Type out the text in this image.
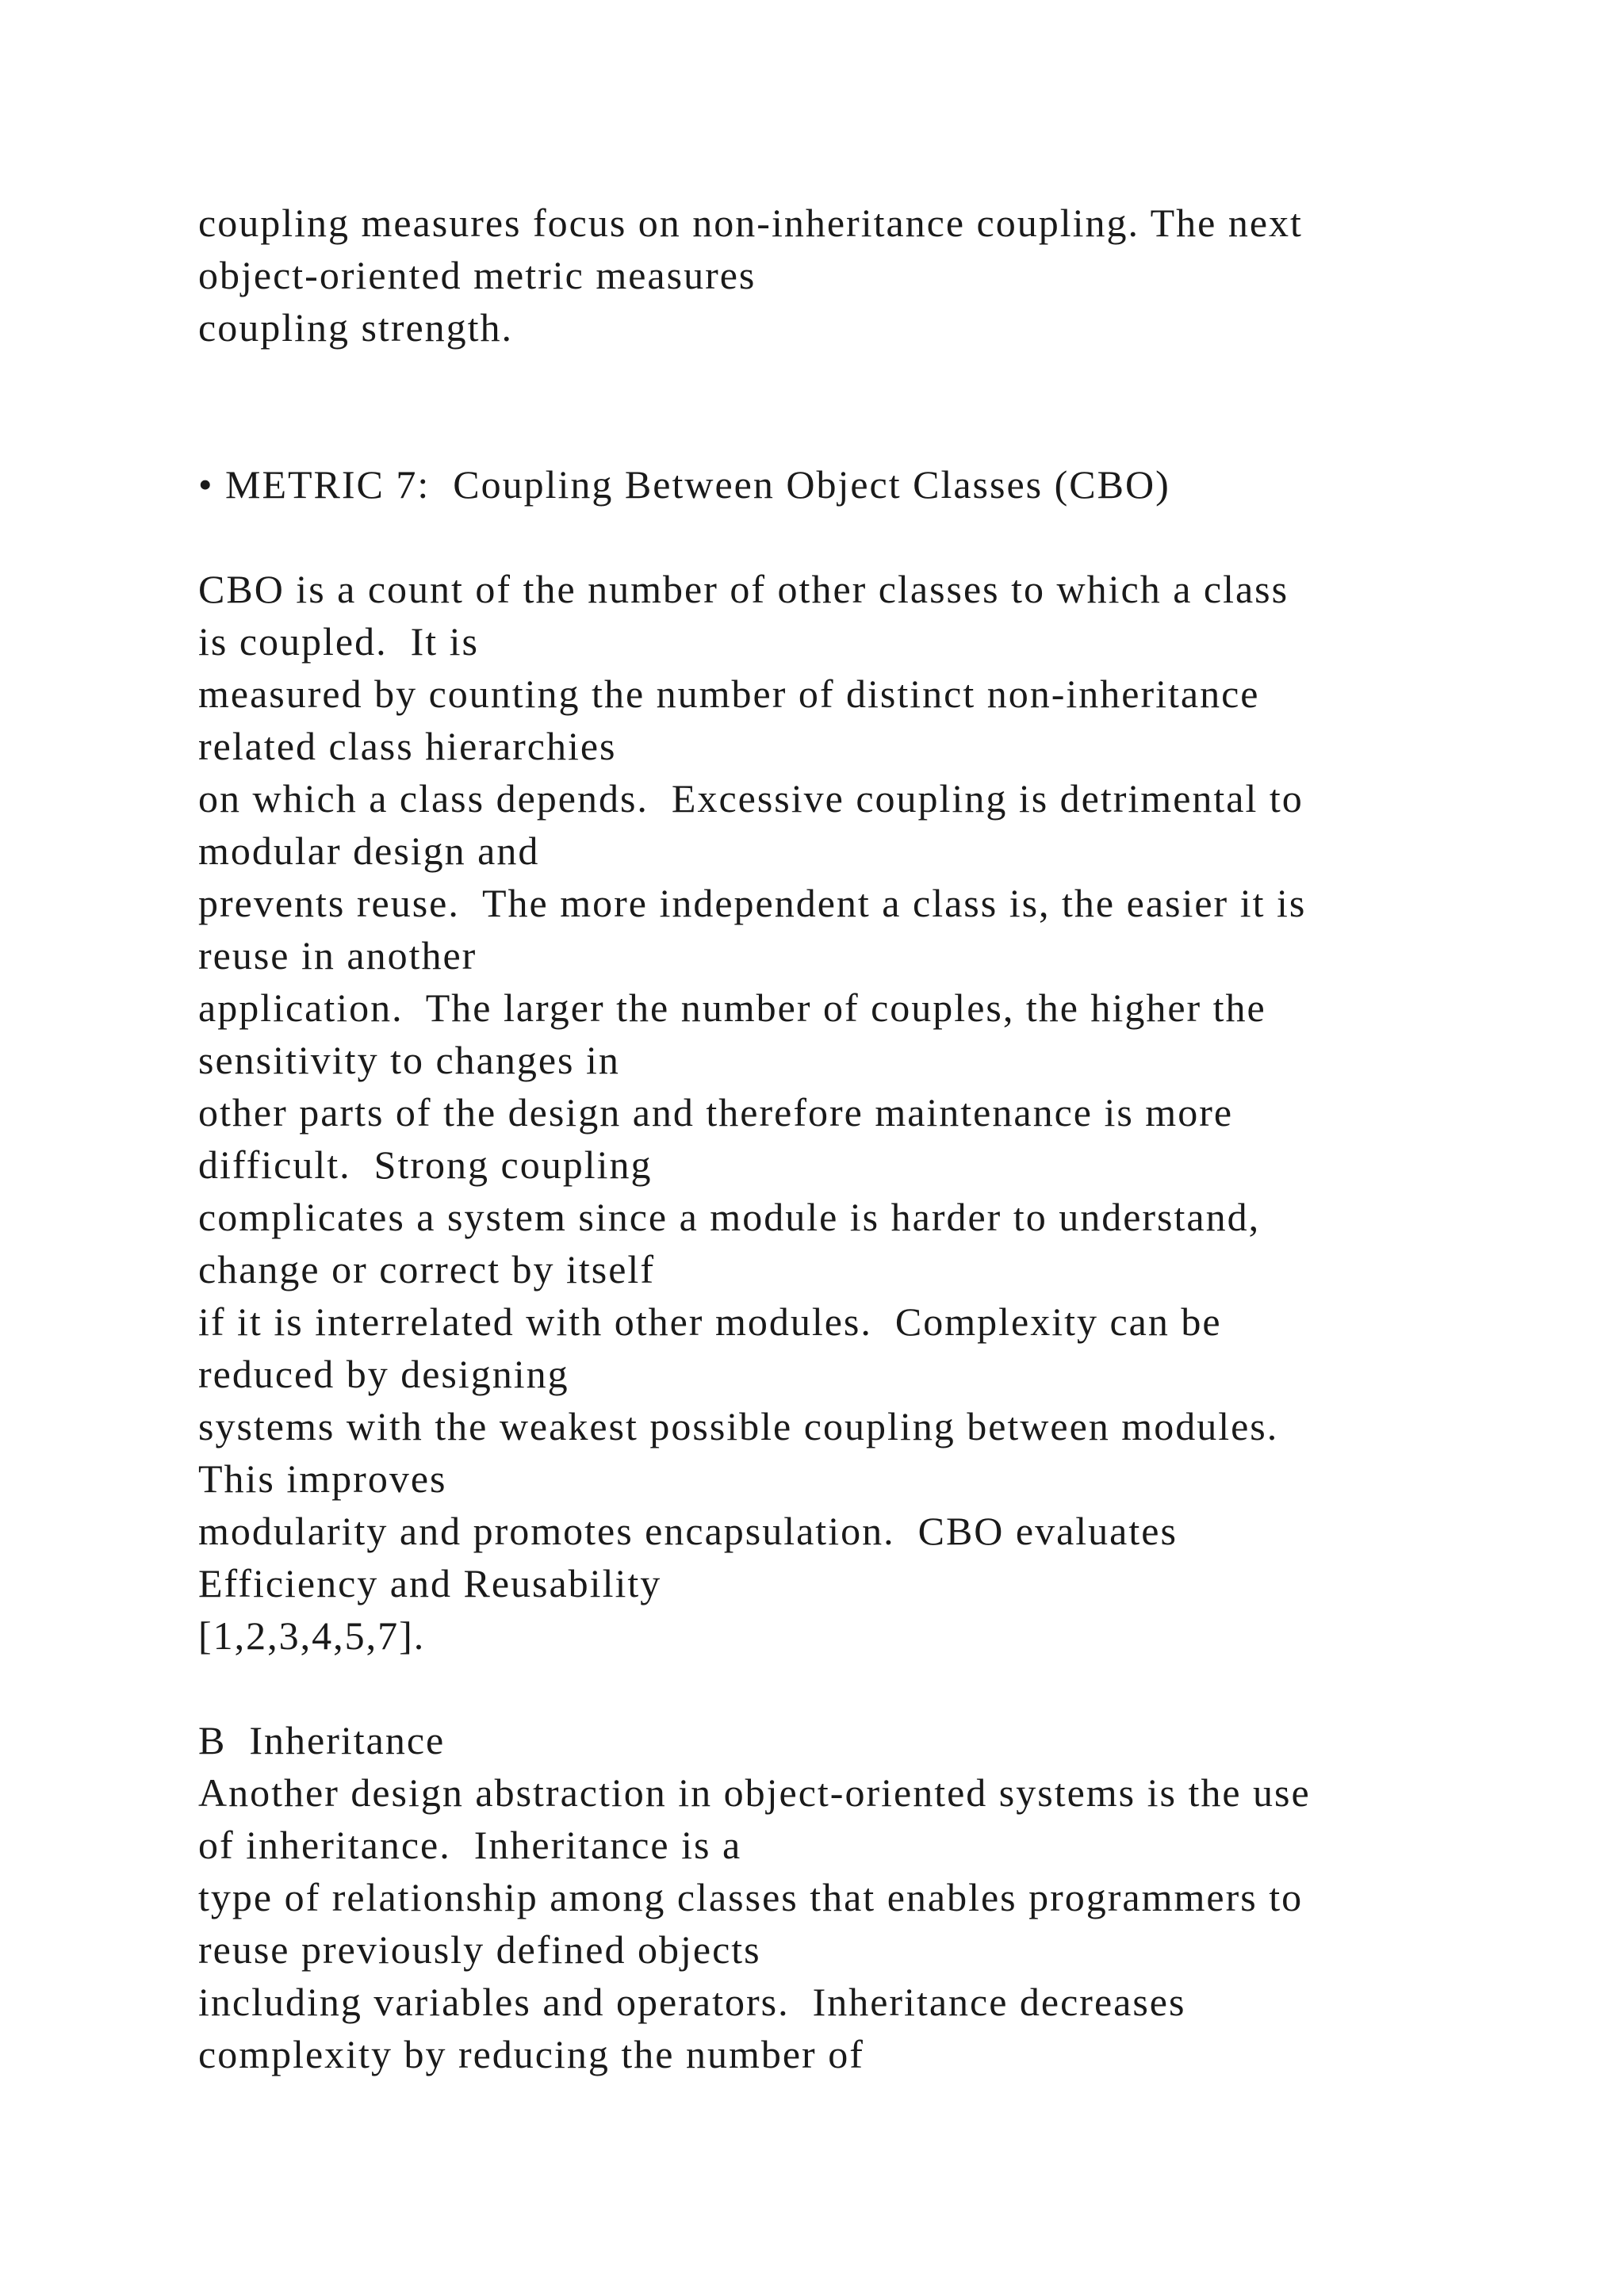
coupling measures focus on non-inheritance coupling. The next
object-oriented metric measures
coupling strength.
• METRIC 7:  Coupling Between Object Classes (CBO)
CBO is a count of the number of other classes to which a class
is coupled.  It is
measured by counting the number of distinct non-inheritance
related class hierarchies
on which a class depends.  Excessive coupling is detrimental to
modular design and
prevents reuse.  The more independent a class is, the easier it is
reuse in another
application.  The larger the number of couples, the higher the
sensitivity to changes in
other parts of the design and therefore maintenance is more
difficult.  Strong coupling
complicates a system since a module is harder to understand,
change or correct by itself
if it is interrelated with other modules.  Complexity can be
reduced by designing
systems with the weakest possible coupling between modules.
This improves
modularity and promotes encapsulation.  CBO evaluates
Efficiency and Reusability
[1,2,3,4,5,7].
B  Inheritance
Another design abstraction in object-oriented systems is the use
of inheritance.  Inheritance is a
type of relationship among classes that enables programmers to
reuse previously defined objects
including variables and operators.  Inheritance decreases
complexity by reducing the number of
